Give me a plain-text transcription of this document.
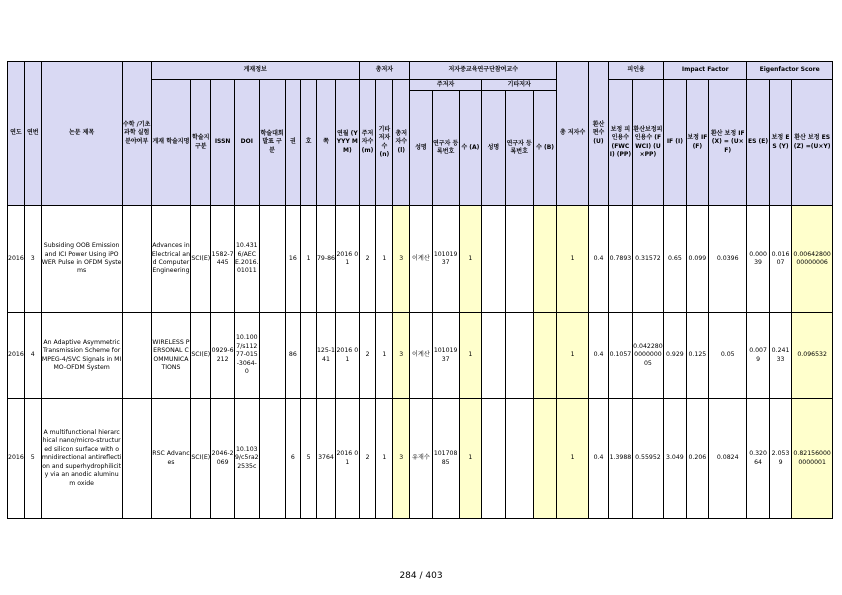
연도	연번	논문 제목	수학 /기초과학 실험 분야여부	게재정보									총저자			저자중교육연구단참여교수						총 저자수	환산 편수 (U)	피인용		Impact Factor			Eigenfactor Score		
				게재 학술지명	학술지 구분	ISSN	DOI	학술대회발표 구분	권	호	쪽	연월 (YYYY MM)	주저자수 (m)	기타 저자수 (n)	총저자수 (l)	주저자			기타저자					보정 피인용수 (FWCI) (PP)	환산보정피인용수 (FWCI) (U×PP)	IF (I)	보정 IF (F)	환산 보정 IF(X) = (U×F)	ES (E)	보정 ES (Y)	환산 보정 ES(Z) =(U×Y)
																성명	연구자 등록번호	수 (A)	성명	연구자 등록번호	수 (B)										
2016	3	Subsiding OOB Emission and ICI Power Using iPOWER Pulse in OFDM Systems		Advances in Electrical and Computer Engineering	SCI(E)	1582-7445	10.4316/AECE.2016.01011		16	1	79-86	2016 01	2	1	3	이계산	10101937	1				1	0.4	0.7893	0.31572	0.65	0.099	0.0396	0.00039	0.01607	0.0064280000000006
2016	4	An Adaptive Asymmetric Transmission Scheme for MPEG-4/SVC Signals in MIMO-OFDM System		WIRELESS PERSONAL COMMUNICATIONS	SCI(E)	0929-6212	10.1007/s11277-015-3064-0		86		125-141	2016 01	2	1	3	이계산	10101937	1				1	0.4	0.1057	0.042280000000005	0.929	0.125	0.05	0.0079	0.24133	0.096532
2016	5	A multifunctional hierarchical nano/micro-structured silicon surface with omnidirectional antireflection and superhydrophilicity via an anodic aluminum oxide		RSC Advances	SCI(E)	2046-2069	10.1039/c5ra22535c		6	5	3764	2016 01	2	1	3	유재수	10170885	1				1	0.4	1.3988	0.55952	3.049	0.206	0.0824	0.32064	2.0539	0.821560000000001
284 / 403
